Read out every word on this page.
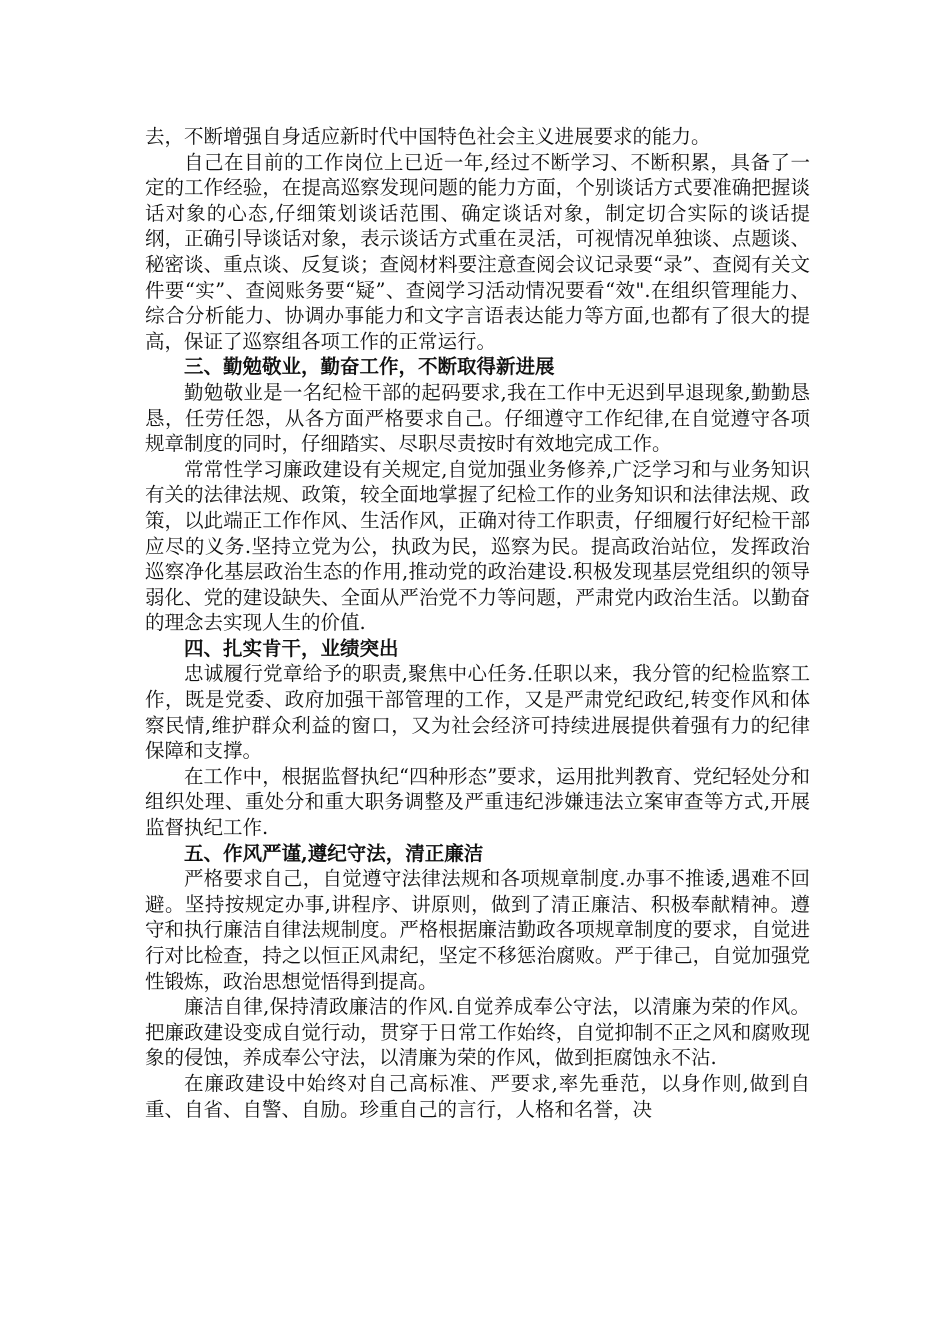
去，不断增强自身适应新时代中国特色社会主义进展要求的能力。

自己在目前的工作岗位上已近一年,经过不断学习、不断积累，具备了一定的工作经验，在提高巡察发现问题的能力方面，个别谈话方式要准确把握谈话对象的心态,仔细策划谈话范围、确定谈话对象，制定切合实际的谈话提纲，正确引导谈话对象，表示谈话方式重在灵活，可视情况单独谈、点题谈、秘密谈、重点谈、反复谈；查阅材料要注意查阅会议记录要“录”、查阅有关文件要“实”、查阅账务要“疑”、查阅学习活动情况要看“效".在组织管理能力、综合分析能力、协调办事能力和文字言语表达能力等方面,也都有了很大的提高，保证了巡察组各项工作的正常运行。

三、勤勉敬业，勤奋工作，不断取得新进展

勤勉敬业是一名纪检干部的起码要求,我在工作中无迟到早退现象,勤勤恳恳，任劳任怨，从各方面严格要求自己。仔细遵守工作纪律,在自觉遵守各项规章制度的同时，仔细踏实、尽职尽责按时有效地完成工作。

常常性学习廉政建设有关规定,自觉加强业务修养,广泛学习和与业务知识有关的法律法规、政策，较全面地掌握了纪检工作的业务知识和法律法规、政策，以此端正工作作风、生活作风，正确对待工作职责，仔细履行好纪检干部应尽的义务.坚持立党为公，执政为民，巡察为民。提高政治站位，发挥政治巡察净化基层政治生态的作用,推动党的政治建设.积极发现基层党组织的领导弱化、党的建设缺失、全面从严治党不力等问题，严肃党内政治生活。以勤奋的理念去实现人生的价值.

四、扎实肯干，业绩突出

忠诚履行党章给予的职责,聚焦中心任务.任职以来，我分管的纪检监察工作，既是党委、政府加强干部管理的工作，又是严肃党纪政纪,转变作风和体察民情,维护群众利益的窗口，又为社会经济可持续进展提供着强有力的纪律保障和支撑。

在工作中，根据监督执纪“四种形态”要求，运用批判教育、党纪轻处分和组织处理、重处分和重大职务调整及严重违纪涉嫌违法立案审查等方式,开展监督执纪工作.

五、作风严谨,遵纪守法，清正廉洁

严格要求自己，自觉遵守法律法规和各项规章制度.办事不推诿,遇难不回避。坚持按规定办事,讲程序、讲原则，做到了清正廉洁、积极奉献精神。遵守和执行廉洁自律法规制度。严格根据廉洁勤政各项规章制度的要求，自觉进行对比检查，持之以恒正风肃纪，坚定不移惩治腐败。严于律己，自觉加强党性锻炼，政治思想觉悟得到提高。

廉洁自律,保持清政廉洁的作风.自觉养成奉公守法，以清廉为荣的作风。把廉政建设变成自觉行动，贯穿于日常工作始终，自觉抑制不正之风和腐败现象的侵蚀，养成奉公守法，以清廉为荣的作风，做到拒腐蚀永不沾.

在廉政建设中始终对自己高标准、严要求,率先垂范，以身作则,做到自重、自省、自警、自励。珍重自己的言行，人格和名誉，决
